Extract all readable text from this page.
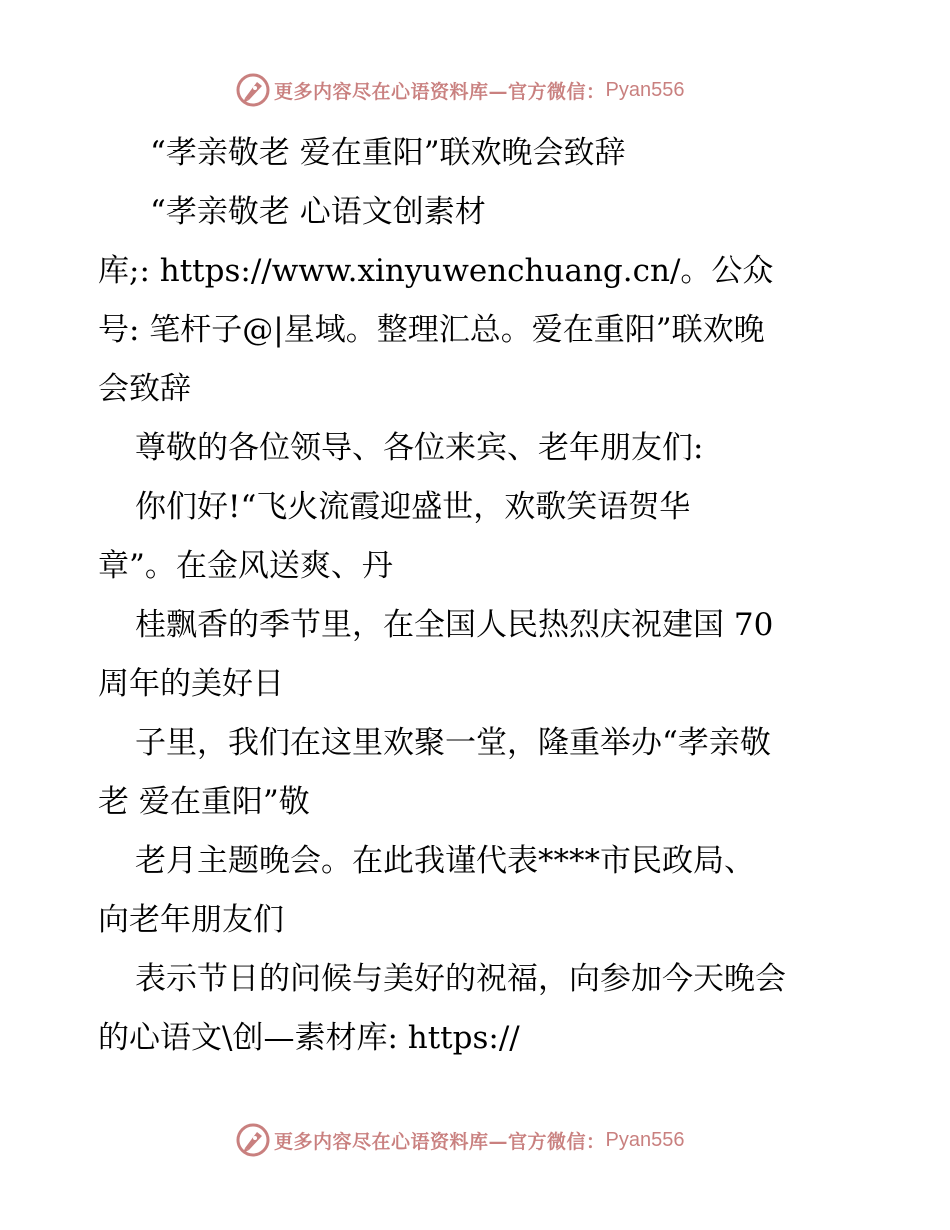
更多内容尽在心语资料库—官方微信： Pyan556
“孝亲敬老 爱在重阳”联欢晚会致辞
“孝亲敬老 心语文创素材
库;: https://www.xinyuwenchuang.cn/。公众
号: 笔杆子@|星域。整理汇总。爱在重阳”联欢晚
会致辞
尊敬的各位领导、各位来宾、老年朋友们:
你们好!“飞火流霞迎盛世，欢歌笑语贺华
章”。在金风送爽、丹
桂飘香的季节里，在全国人民热烈庆祝建国 70
周年的美好日
子里，我们在这里欢聚一堂，隆重举办“孝亲敬
老 爱在重阳”敬
老月主题晚会。在此我谨代表****市民政局、
向老年朋友们
表示节日的问候与美好的祝福，向参加今天晚会
的心语文\创—素材库: https://
更多内容尽在心语资料库—官方微信： Pyan556
